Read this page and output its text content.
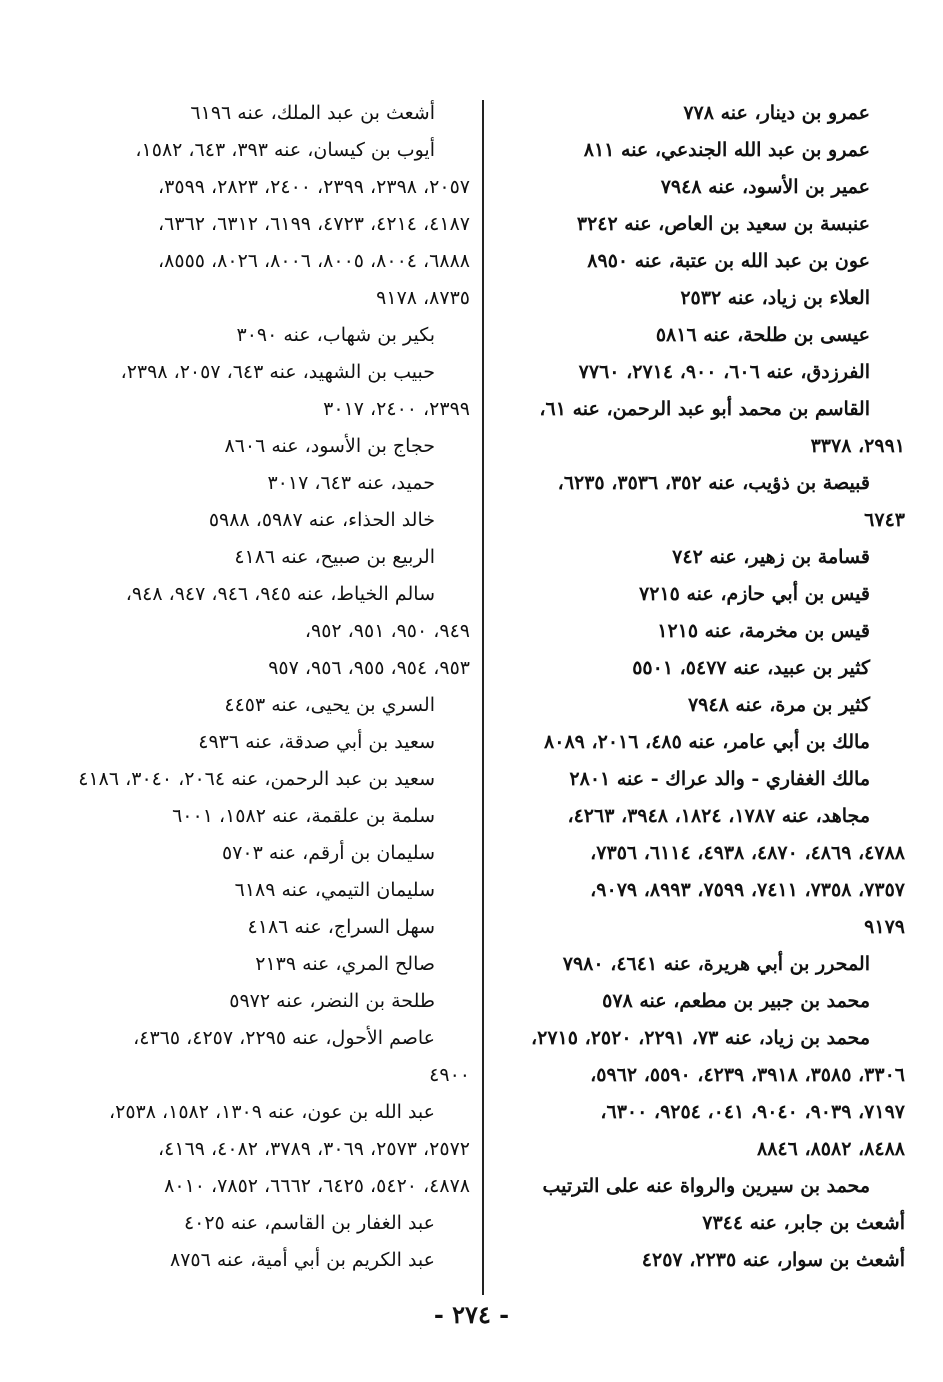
عمرو بن دينار، عنه ٧٧٨
عمرو بن عبد الله الجندعي، عنه ٨١١
عمير بن الأسود، عنه ٧٩٤٨
عنبسة بن سعيد بن العاص، عنه ٣٢٤٢
عون بن عبد الله بن عتبة، عنه ٨٩٥٠
العلاء بن زياد، عنه ٢٥٣٢
عيسى بن طلحة، عنه ٥٨١٦
الفرزدق، عنه ٦٠٦، ٩٠٠، ٢٧١٤، ٧٧٦٠
القاسم بن محمد أبو عبد الرحمن، عنه ٦١،
٢٩٩١، ٣٣٧٨
قبيصة بن ذؤيب، عنه ٣٥٢، ٣٥٣٦، ٦٢٣٥،
٦٧٤٣
قسامة بن زهير، عنه ٧٤٢
قيس بن أبي حازم، عنه ٧٢١٥
قيس بن مخرمة، عنه ١٢١٥
كثير بن عبيد، عنه ٥٤٧٧، ٥٥٠١
كثير بن مرة، عنه ٧٩٤٨
مالك بن أبي عامر، عنه ٤٨٥، ٢٠١٦، ٨٠٨٩
مالك الغفاري - والد عراك - عنه ٢٨٠١
مجاهد، عنه ١٧٨٧، ١٨٢٤، ٣٩٤٨، ٤٢٦٣،
٤٧٨٨، ٤٨٦٩، ٤٨٧٠، ٤٩٣٨، ٦١١٤، ٧٣٥٦،
٧٣٥٧، ٧٣٥٨، ٧٤١١، ٧٥٩٩، ٨٩٩٣، ٩٠٧٩،
٩١٧٩
المحرر بن أبي هريرة، عنه ٤٦٤١، ٧٩٨٠
محمد بن جبير بن مطعم، عنه ٥٧٨
محمد بن زياد، عنه ٧٣، ٢٢٩١، ٢٥٢٠، ٢٧١٥،
٣٣٠٦، ٣٥٨٥، ٣٩١٨، ٤٢٣٩، ٥٥٩٠، ٥٩٦٢،
٧١٩٧، ٩٠٣٩، ٩٠٤٠، ٠٤١، ٩٢٥٤، ٦٣٠٠،
٨٤٨٨، ٨٥٨٢، ٨٨٤٦
محمد بن سيرين والرواة عنه على الترتيب
أشعث بن جابر، عنه ٧٣٤٤
أشعث بن سوار، عنه ٢٢٣٥، ٤٢٥٧
أشعث بن عبد الملك، عنه ٦١٩٦
أيوب بن كيسان، عنه ٣٩٣، ٦٤٣، ١٥٨٢،
٢٠٥٧، ٢٣٩٨، ٢٣٩٩، ٢٤٠٠، ٢٨٢٣، ٣٥٩٩،
٤١٨٧، ٤٢١٤، ٤٧٢٣، ٦١٩٩، ٦٣١٢، ٦٣٦٢،
٦٨٨٨، ٨٠٠٤، ٨٠٠٥، ٨٠٠٦، ٨٠٢٦، ٨٥٥٥،
٨٧٣٥، ٩١٧٨
بكير بن شهاب، عنه ٣٠٩٠
حبيب بن الشهيد، عنه ٦٤٣، ٢٠٥٧، ٢٣٩٨،
٢٣٩٩، ٢٤٠٠، ٣٠١٧
حجاج بن الأسود، عنه ٨٦٠٦
حميد، عنه ٦٤٣، ٣٠١٧
خالد الحذاء، عنه ٥٩٨٧، ٥٩٨٨
الربيع بن صبيح، عنه ٤١٨٦
سالم الخياط، عنه ٩٤٥، ٩٤٦، ٩٤٧، ٩٤٨،
٩٤٩، ٩٥٠، ٩٥١، ٩٥٢،
٩٥٣، ٩٥٤، ٩٥٥، ٩٥٦، ٩٥٧
السري بن يحيى، عنه ٤٤٥٣
سعيد بن أبي صدقة، عنه ٤٩٣٦
سعيد بن عبد الرحمن، عنه ٢٠٦٤، ٣٠٤٠، ٤١٨٦
سلمة بن علقمة، عنه ١٥٨٢، ٦٠٠١
سليمان بن أرقم، عنه ٥٧٠٣
سليمان التيمي، عنه ٦١٨٩
سهل السراج، عنه ٤١٨٦
صالح المري، عنه ٢١٣٩
طلحة بن النضر، عنه ٥٩٧٢
عاصم الأحول، عنه ٢٢٩٥، ٤٢٥٧، ٤٣٦٥،
٤٩٠٠
عبد الله بن عون، عنه ١٣٠٩، ١٥٨٢، ٢٥٣٨،
٢٥٧٢، ٢٥٧٣، ٣٠٦٩، ٣٧٨٩، ٤٠٨٢، ٤١٦٩،
٤٨٧٨، ٥٤٢٠، ٦٤٢٥، ٦٦٦٢، ٧٨٥٢، ٨٠١٠
عبد الغفار بن القاسم، عنه ٤٠٢٥
عبد الكريم بن أبي أمية، عنه ٨٧٥٦
- ٢٧٤ -
